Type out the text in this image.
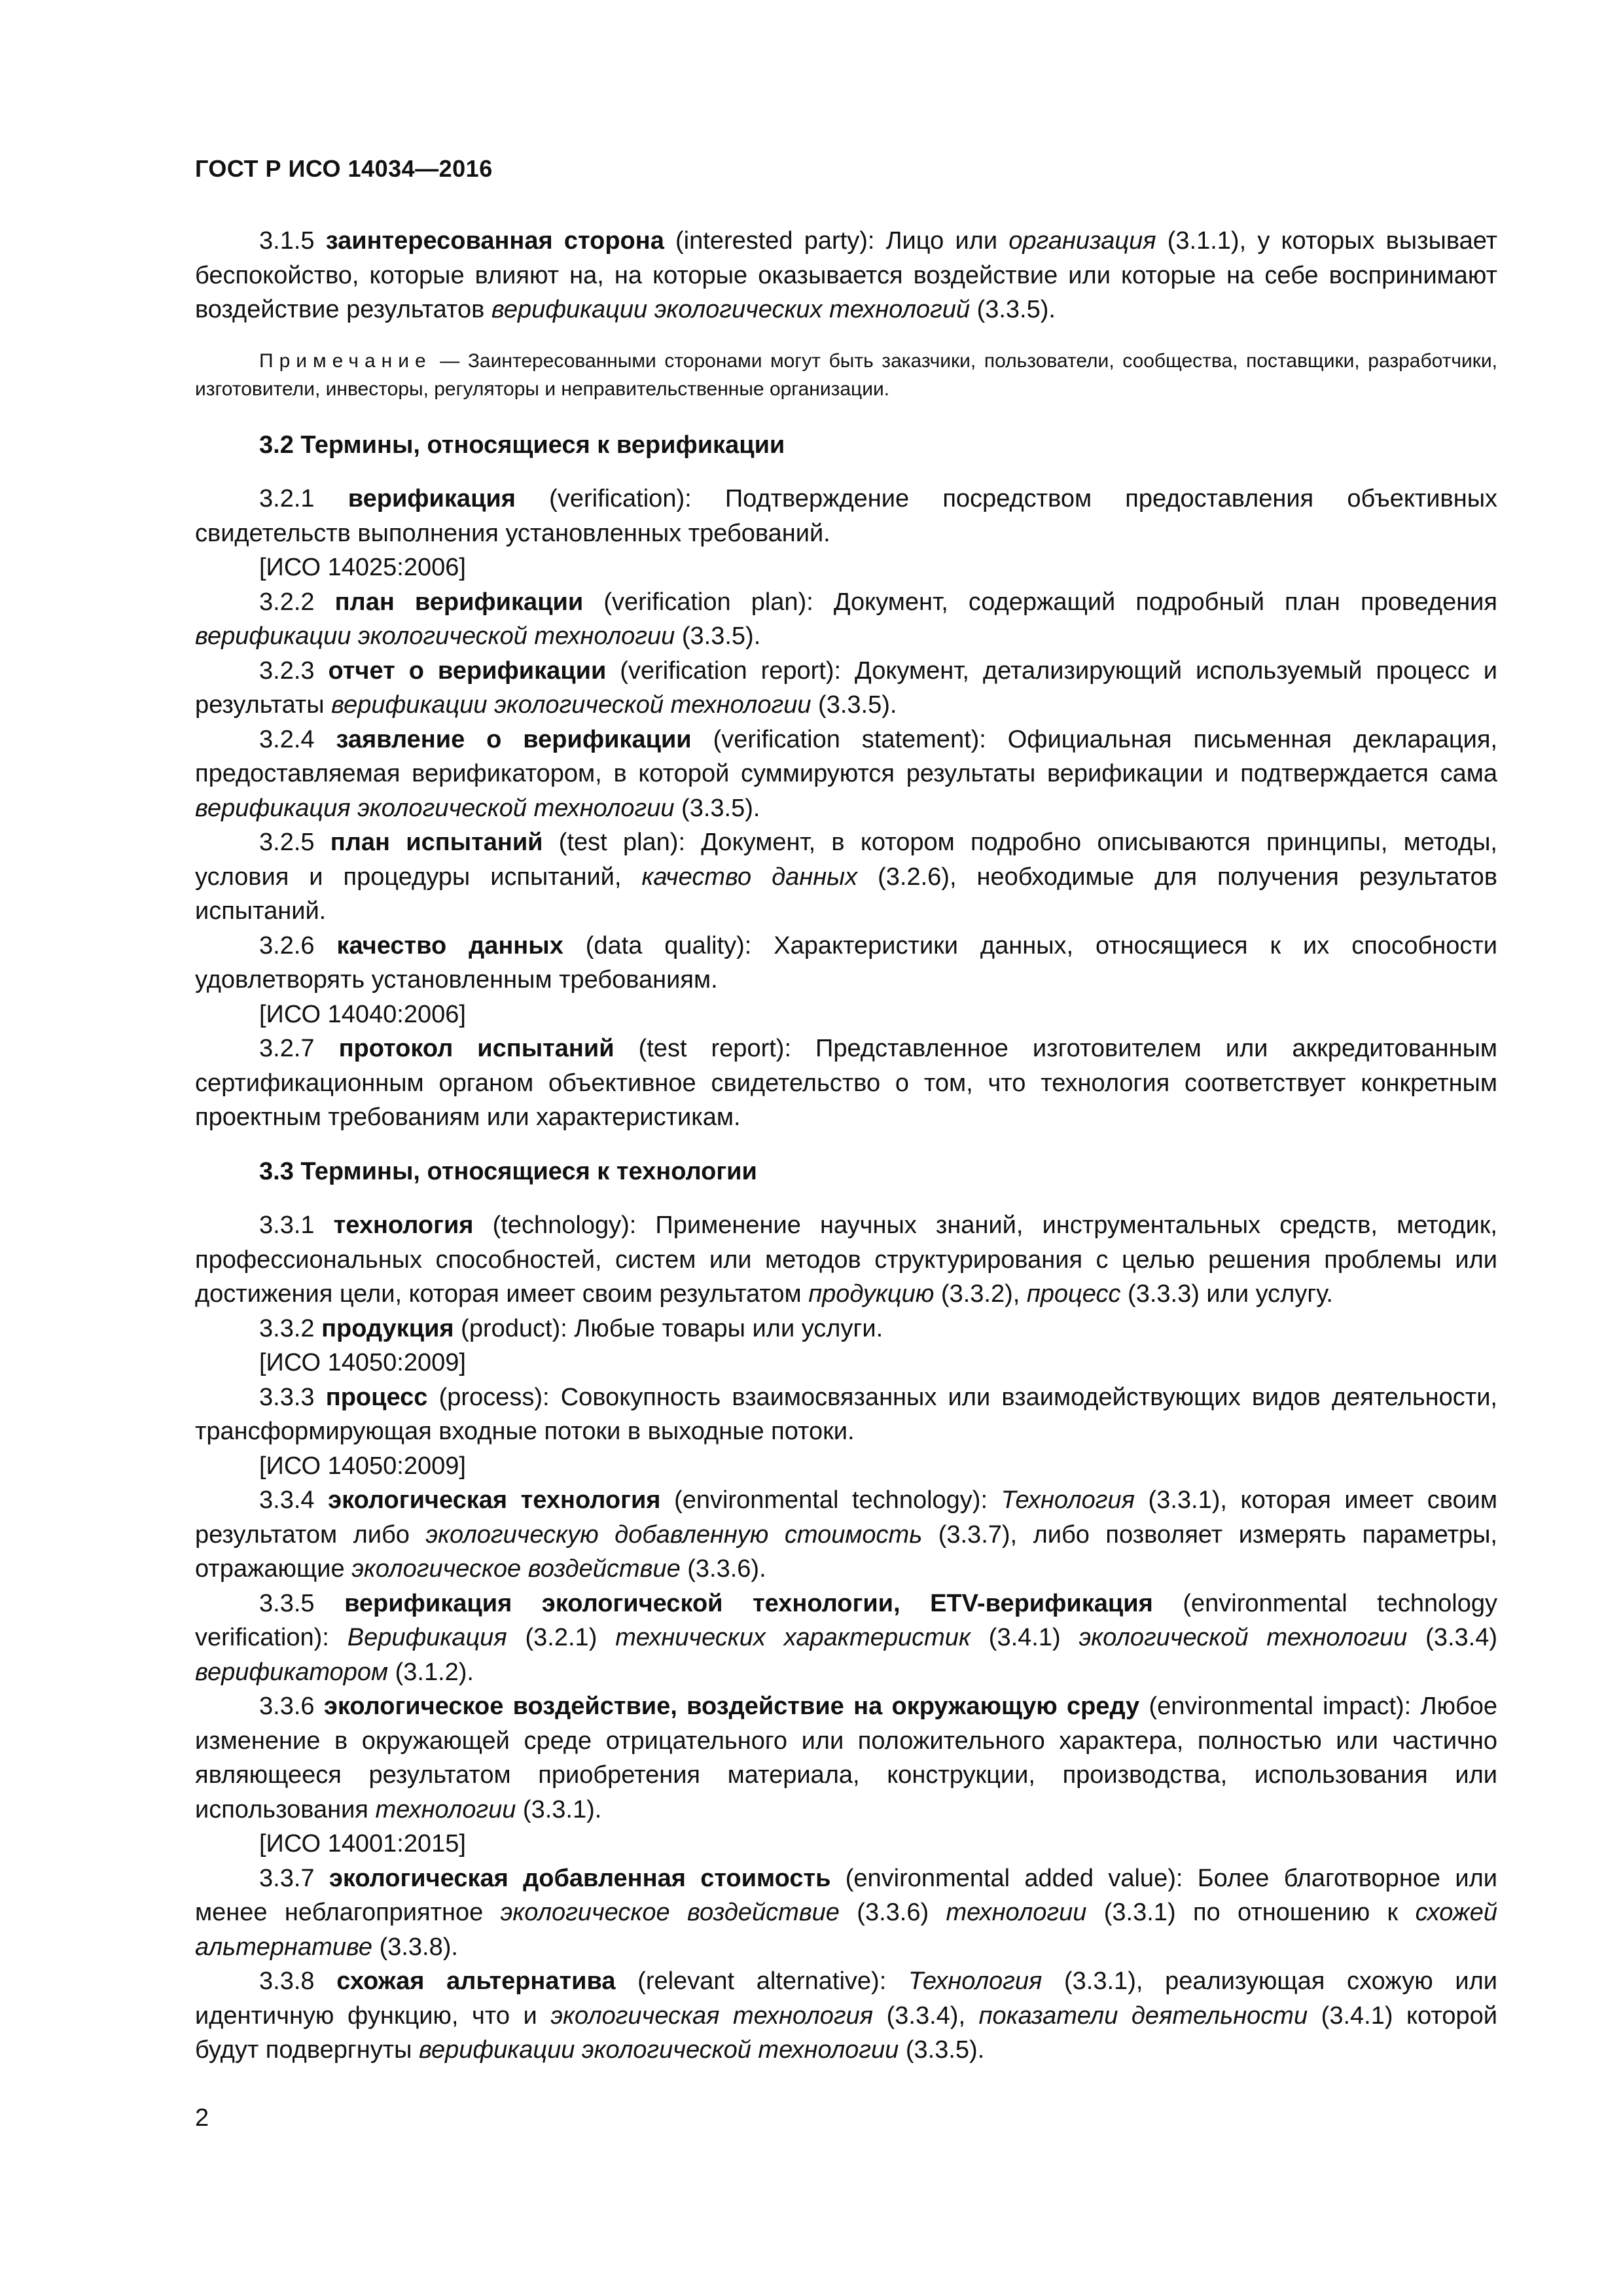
ГОСТ Р ИСО 14034—2016

3.1.5 заинтересованная сторона (interested party): Лицо или организация (3.1.1), у которых вызывает беспокойство, которые влияют на, на которые оказывается воздействие или которые на себе воспринимают воздействие результатов верификации экологических технологий (3.3.5).

Примечание — Заинтересованными сторонами могут быть заказчики, пользователи, сообщества, поставщики, разработчики, изготовители, инвесторы, регуляторы и неправительственные организации.

3.2 Термины, относящиеся к верификации

3.2.1 верификация (verification): Подтверждение посредством предоставления объективных свидетельств выполнения установленных требований.

[ИСО 14025:2006]

3.2.2 план верификации (verification plan): Документ, содержащий подробный план проведения верификации экологической технологии (3.3.5).

3.2.3 отчет о верификации (verification report): Документ, детализирующий используемый процесс и результаты верификации экологической технологии (3.3.5).

3.2.4 заявление о верификации (verification statement): Официальная письменная декларация, предоставляемая верификатором, в которой суммируются результаты верификации и подтверждается сама верификация экологической технологии (3.3.5).

3.2.5 план испытаний (test plan): Документ, в котором подробно описываются принципы, методы, условия и процедуры испытаний, качество данных (3.2.6), необходимые для получения результатов испытаний.

3.2.6 качество данных (data quality): Характеристики данных, относящиеся к их способности удовлетворять установленным требованиям.

[ИСО 14040:2006]

3.2.7 протокол испытаний (test report): Представленное изготовителем или аккредитованным сертификационным органом объективное свидетельство о том, что технология соответствует конкретным проектным требованиям или характеристикам.

3.3 Термины, относящиеся к технологии

3.3.1 технология (technology): Применение научных знаний, инструментальных средств, методик, профессиональных способностей, систем или методов структурирования с целью решения проблемы или достижения цели, которая имеет своим результатом продукцию (3.3.2), процесс (3.3.3) или услугу.

3.3.2 продукция (product): Любые товары или услуги.

[ИСО 14050:2009]

3.3.3 процесс (process): Совокупность взаимосвязанных или взаимодействующих видов деятельности, трансформирующая входные потоки в выходные потоки.

[ИСО 14050:2009]

3.3.4 экологическая технология (environmental technology): Технология (3.3.1), которая имеет своим результатом либо экологическую добавленную стоимость (3.3.7), либо позволяет измерять параметры, отражающие экологическое воздействие (3.3.6).

3.3.5 верификация экологической технологии, ETV-верификация (environmental technology verification): Верификация (3.2.1) технических характеристик (3.4.1) экологической технологии (3.3.4) верификатором (3.1.2).

3.3.6 экологическое воздействие, воздействие на окружающую среду (environmental impact): Любое изменение в окружающей среде отрицательного или положительного характера, полностью или частично являющееся результатом приобретения материала, конструкции, производства, использования или использования технологии (3.3.1).

[ИСО 14001:2015]

3.3.7 экологическая добавленная стоимость (environmental added value): Более благотворное или менее неблагоприятное экологическое воздействие (3.3.6) технологии (3.3.1) по отношению к схожей альтернативе (3.3.8).

3.3.8 схожая альтернатива (relevant alternative): Технология (3.3.1), реализующая схожую или идентичную функцию, что и экологическая технология (3.3.4), показатели деятельности (3.4.1) которой будут подвергнуты верификации экологической технологии (3.3.5).

2
